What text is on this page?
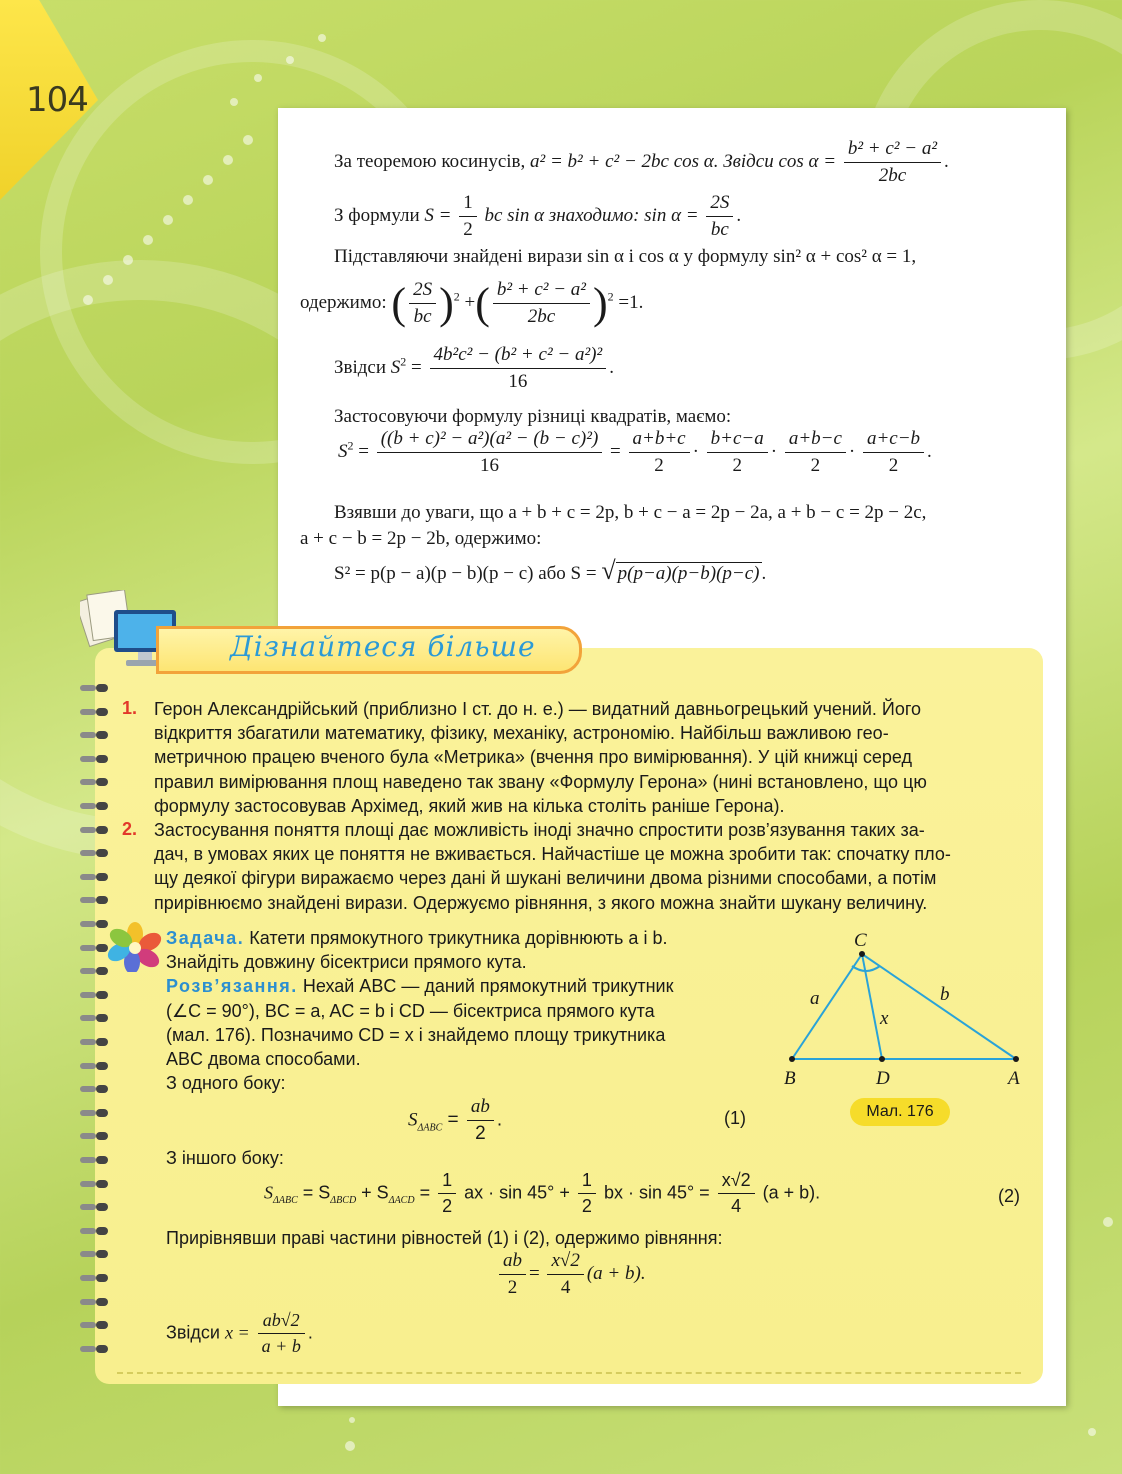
104
За теоремою косинусів, a² = b² + c² − 2bc cos α. Звідси $\cos \alpha = \frac{\text{b² + c² − a²}}{2bc}$ .
З формули $S = \frac{1}{2}$ bc sin α знаходимо: $\sin \alpha = \frac{2S}{bc}$ .
Підставляючи знайдені вирази sin α і cos α у формулу sin² α + cos² α = 1,
одержимо: ( $\frac{2S}{bc} )^2$ +( $\frac{\text{b² + c² − a²}}{2bc} )^2 =1$.
Звідси $S^2 = \frac{\text{4b²c² − (b² + c² − a²)²}}{16}$ .
Застосовуючи формулу різниці квадратів, маємо:
$S^2 = \frac{\text{((b + c)² − a²)(a² − (b − c)²)}}{16} = \frac{a+b+c}{2} \cdot \frac{b+c-a}{2} \cdot \frac{a+b-c}{2} \cdot \frac{a+c-b}{2}$ .
Взявши до уваги, що a + b + c = 2p, b + c − a = 2p − 2a, a + b − c = 2p − 2c,
a + c − b = 2p − 2b, одержимо:
S² = p(p − a)(p − b)(p − c) або S = √ p(p−a)(p−b)(p−c) .
Дізнайтеся більше
1. Герон Александрійський (приблизно I ст. до н. е.) — видатний давньогрецький учений. Його
відкриття збагатили математику, фізику, механіку, астрономію. Найбільш важливою гео-
метричною працею вченого була «Метрика» (вчення про вимірювання). У цій книжці серед
правил вимірювання площ наведено так звану «Формулу Герона» (нині встановлено, що цю
формулу застосовував Архімед, який жив на кілька століть раніше Герона).
2. Застосування поняття площі дає можливість іноді значно спростити розв’язування таких за-
дач, в умовах яких це поняття не вживається. Найчастіше це можна зробити так: спочатку пло-
щу деякої фігури виражаємо через дані й шукані величини двома різними способами, а потім
прирівнюємо знайдені вирази. Одержуємо рівняння, з якого можна знайти шукану величину.
Задача. Катети прямокутного трикутника дорівнюють a і b.
Знайдіть довжину бісектриси прямого кута.
Розв’язання. Нехай ABC — даний прямокутний трикутник
(∠C = 90°), BC = a, AC = b і CD — бісектриса прямого кута
(мал. 176). Позначимо CD = x і знайдемо площу трикутника
ABC двома способами.
З одного боку:
C
B	D	A
a	b
x
Мал. 176
$S_{\Delta ABC} = \frac{ab}{2}$ .	(1)
З іншого боку:
$S_{\Delta ABC} = S_{\Delta BCD} + S_{\Delta ACD} = \frac{1}{2}$ ax · $\sin 45^\circ + \frac{1}{2}$ bx · $\sin 45^\circ = \frac{x√2}{4} (a + b)$.	(2)
Прирівнявши праві частини рівностей (1) і (2), одержимо рівняння:
$\frac{ab}{2} = \frac{x√2}{4} (a + b)$.
Звідси $x = \frac{ab√2}{a + b}$ .
